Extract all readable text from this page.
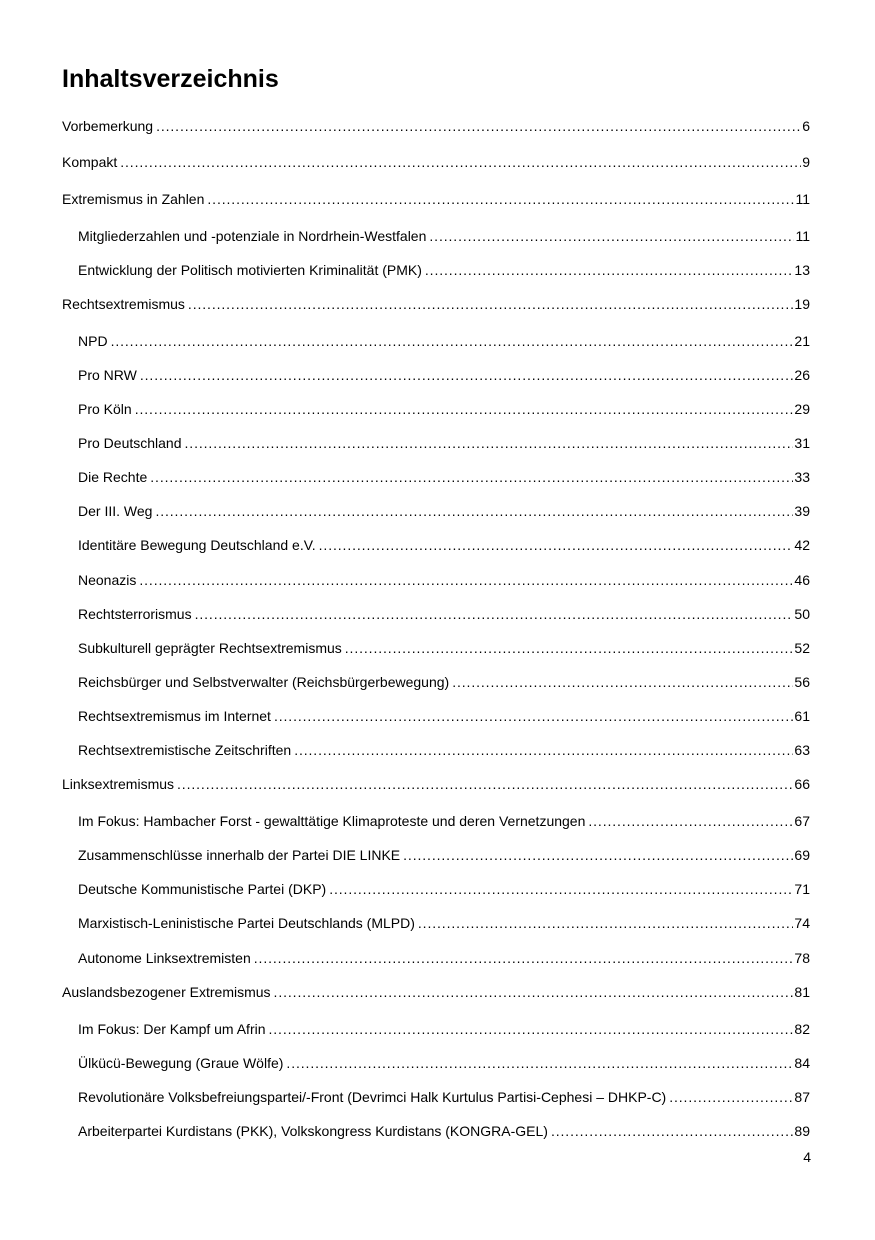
Inhaltsverzeichnis
Vorbemerkung . . .	6
Kompakt . . .	9
Extremismus in Zahlen . . .	11
Mitgliederzahlen und -potenziale in Nordrhein-Westfalen . . .	11
Entwicklung der Politisch motivierten Kriminalität (PMK) . . .	13
Rechtsextremismus . . .	19
NPD . . .	21
Pro NRW . . .	26
Pro Köln . . .	29
Pro Deutschland . . .	31
Die Rechte . . .	33
Der III. Weg . . .	39
Identitäre Bewegung Deutschland e.V. . . .	42
Neonazis . . .	46
Rechtsterrorismus . . .	50
Subkulturell geprägter Rechtsextremismus . . .	52
Reichsbürger und Selbstverwalter (Reichsbürgerbewegung) . . .	56
Rechtsextremismus im Internet . . .	61
Rechtsextremistische Zeitschriften . . .	63
Linksextremismus . . .	66
Im Fokus: Hambacher Forst - gewalttätige Klimaproteste und deren Vernetzungen . . .	67
Zusammenschlüsse innerhalb der Partei DIE LINKE . . .	69
Deutsche Kommunistische Partei (DKP) . . .	71
Marxistisch-Leninistische Partei Deutschlands (MLPD) . . .	74
Autonome Linksextremisten . . .	78
Auslandsbezogener Extremismus . . .	81
Im Fokus: Der Kampf um Afrin . . .	82
Ülkücü-Bewegung (Graue Wölfe) . . .	84
Revolutionäre Volksbefreiungspartei/-Front (Devrimci Halk Kurtulus Partisi-Cephesi – DHKP-C) . . .	87
Arbeiterpartei Kurdistans (PKK), Volkskongress Kurdistans (KONGRA-GEL) . . .	89
4
